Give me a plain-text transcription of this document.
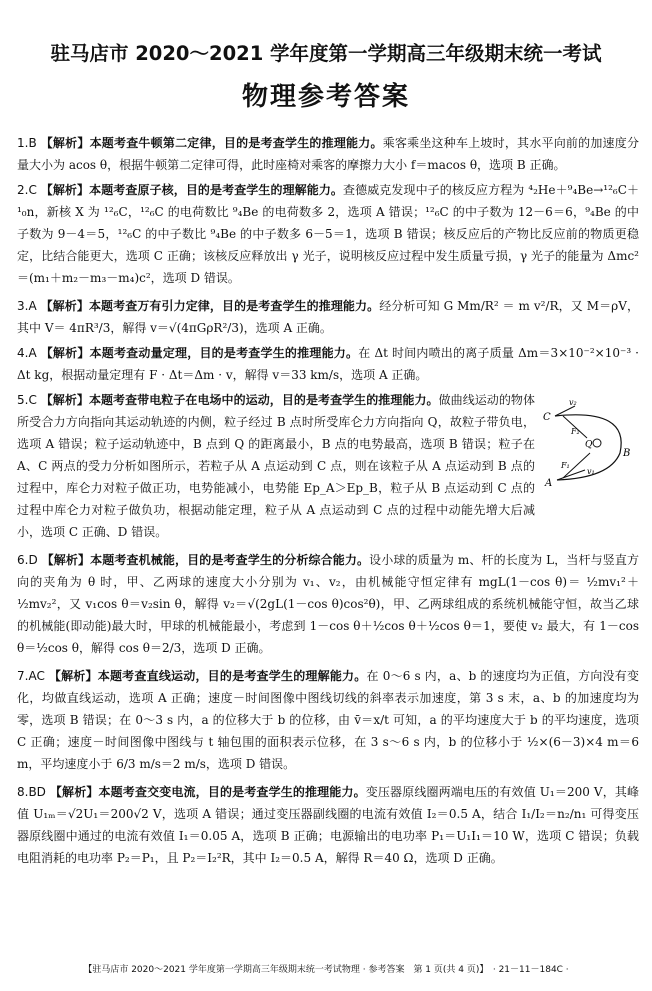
驻马店市 2020～2021 学年度第一学期高三年级期末统一考试
物理参考答案

1.B 【解析】本题考查牛顿第二定律，目的是考查学生的推理能力。乘客乘坐这种车上坡时，其水平向前的加速度分量大小为 acos θ，根据牛顿第二定律可得，此时座椅对乘客的摩擦力大小 f＝macos θ，选项 B 正确。

2.C 【解析】本题考查原子核，目的是考查学生的理解能力。查德威克发现中子的核反应方程为 ⁴₂He＋⁹₄Be→¹²₆C＋¹₀n，新核 X 为 ¹²₆C，¹²₆C 的电荷数比 ⁹₄Be 的电荷数多 2，选项 A 错误；¹²₆C 的中子数为 12－6＝6，⁹₄Be 的中子数为 9－4＝5，¹²₆C 的中子数比 ⁹₄Be 的中子数多 6－5＝1，选项 B 错误；核反应后的产物比反应前的物质更稳定，比结合能更大，选项 C 正确；该核反应释放出 γ 光子，说明核反应过程中发生质量亏损，γ 光子的能量为 Δmc²＝(m₁＋m₂－m₃－m₄)c²，选项 D 错误。

3.A 【解析】本题考查万有引力定律，目的是考查学生的推理能力。经分析可知 G Mm/R² ＝ m v²/R，又 M＝ρV，其中 V＝ 4πR³/3，解得 v＝√(4πGρR²/3)，选项 A 正确。

4.A 【解析】本题考查动量定理，目的是考查学生的推理能力。在 Δt 时间内喷出的离子质量 Δm＝3×10⁻²×10⁻³ · Δt kg，根据动量定理有 F · Δt＝Δm · v，解得 v＝33 km/s，选项 A 正确。

5.C 【解析】本题考查带电粒子在电场中的运动，目的是考查学生的推理能力。做曲线运动的物体所受合力方向指向其运动轨迹的内侧，粒子经过 B 点时所受库仑力方向指向 Q，故粒子带负电，选项 A 错误；粒子运动轨迹中，B 点到 Q 的距离最小，B 点的电势最高，选项 B 错误；粒子在 A、C 两点的受力分析如图所示，若粒子从 A 点运动到 C 点，则在该粒子从 A 点运动到 B 点的过程中，库仑力对粒子做正功，电势能减小，电势能 Ep_A＞Ep_B，粒子从 B 点运动到 C 点的过程中库仑力对粒子做负功，根据动能定理，粒子从 A 点运动到 C 点的过程中动能先增大后减小，选项 C 正确、D 错误。

6.D 【解析】本题考查机械能，目的是考查学生的分析综合能力。设小球的质量为 m、杆的长度为 L，当杆与竖直方向的夹角为 θ 时，甲、乙两球的速度大小分别为 v₁、v₂，由机械能守恒定律有 mgL(1－cos θ)＝ ½mv₁²＋½mv₂²，又 v₁cos θ＝v₂sin θ，解得 v₂＝√(2gL(1－cos θ)cos²θ)，甲、乙两球组成的系统机械能守恒，故当乙球的机械能(即动能)最大时，甲球的机械能最小，考虑到 1－cos θ＋½cos θ＋½cos θ＝1，要使 v₂ 最大，有 1－cos θ＝½cos θ，解得 cos θ＝2/3，选项 D 正确。

7.AC 【解析】本题考查直线运动，目的是考查学生的理解能力。在 0～6 s 内，a、b 的速度均为正值，方向没有变化，均做直线运动，选项 A 正确；速度－时间图像中图线切线的斜率表示加速度，第 3 s 末，a、b 的加速度均为零，选项 B 错误；在 0～3 s 内，a 的位移大于 b 的位移，由 v̄＝x/t 可知，a 的平均速度大于 b 的平均速度，选项 C 正确；速度－时间图像中图线与 t 轴包围的面积表示位移，在 3 s～6 s 内，b 的位移小于 ½×(6－3)×4 m＝6 m，平均速度小于 6/3 m/s＝2 m/s，选项 D 错误。

8.BD 【解析】本题考查交变电流，目的是考查学生的推理能力。变压器原线圈两端电压的有效值 U₁＝200 V，其峰值 U₁ₘ＝√2U₁＝200√2 V，选项 A 错误；通过变压器副线圈的电流有效值 I₂＝0.5 A，结合 I₁/I₂＝n₂/n₁ 可得变压器原线圈中通过的电流有效值 I₁＝0.05 A，选项 B 正确；电源输出的电功率 P₁＝U₁I₁＝10 W，选项 C 错误；负载电阻消耗的电功率 P₂＝P₁，且 P₂＝I₂²R，其中 I₂＝0.5 A，解得 R＝40 Ω，选项 D 正确。

C
A
B
Q
v₁
v₂
F₁
F₂
【驻马店市 2020～2021 学年度第一学期高三年级期末统一考试物理 · 参考答案　第 1 页(共 4 页)】　· 21－11－184C ·
